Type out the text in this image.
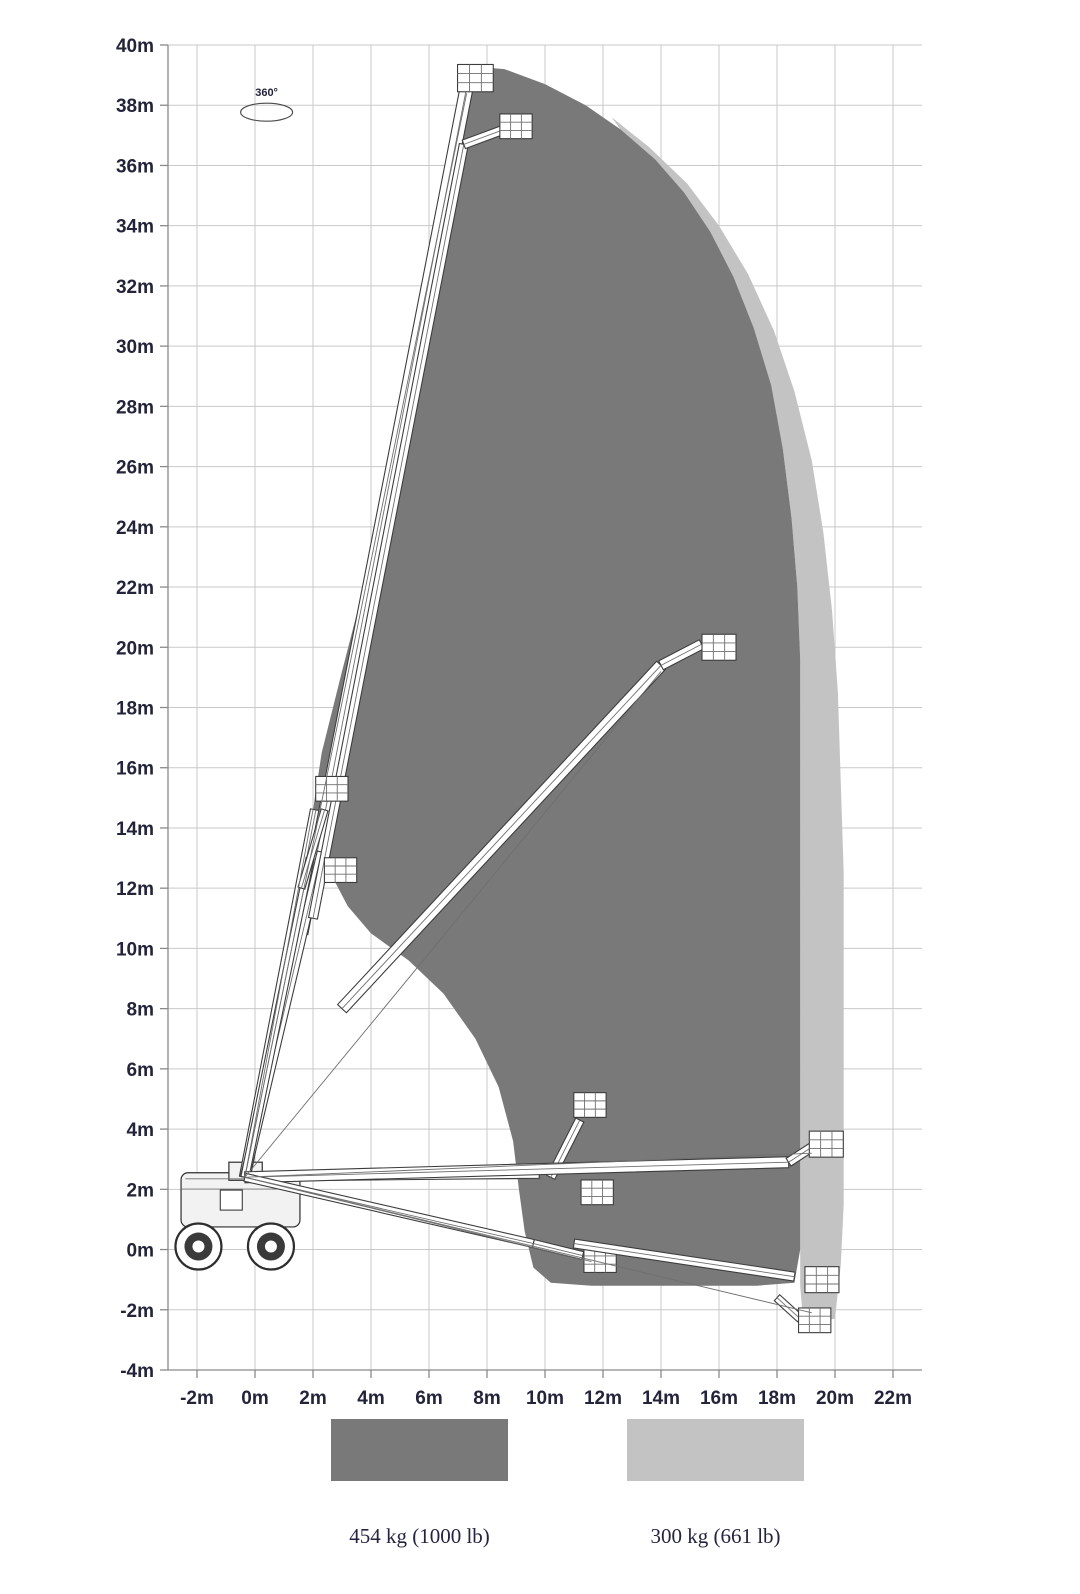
-4m
-2m
0m
2m
4m
6m
8m
10m
12m
14m
16m
18m
20m
22m
24m
26m
28m
30m
32m
34m
36m
38m
40m
-2m 0m 2m 4m 6m 8m 10m 12m 14m 16m 18m 20m 22m
360°
454 kg (1000 lb)	300 kg (661 lb)
